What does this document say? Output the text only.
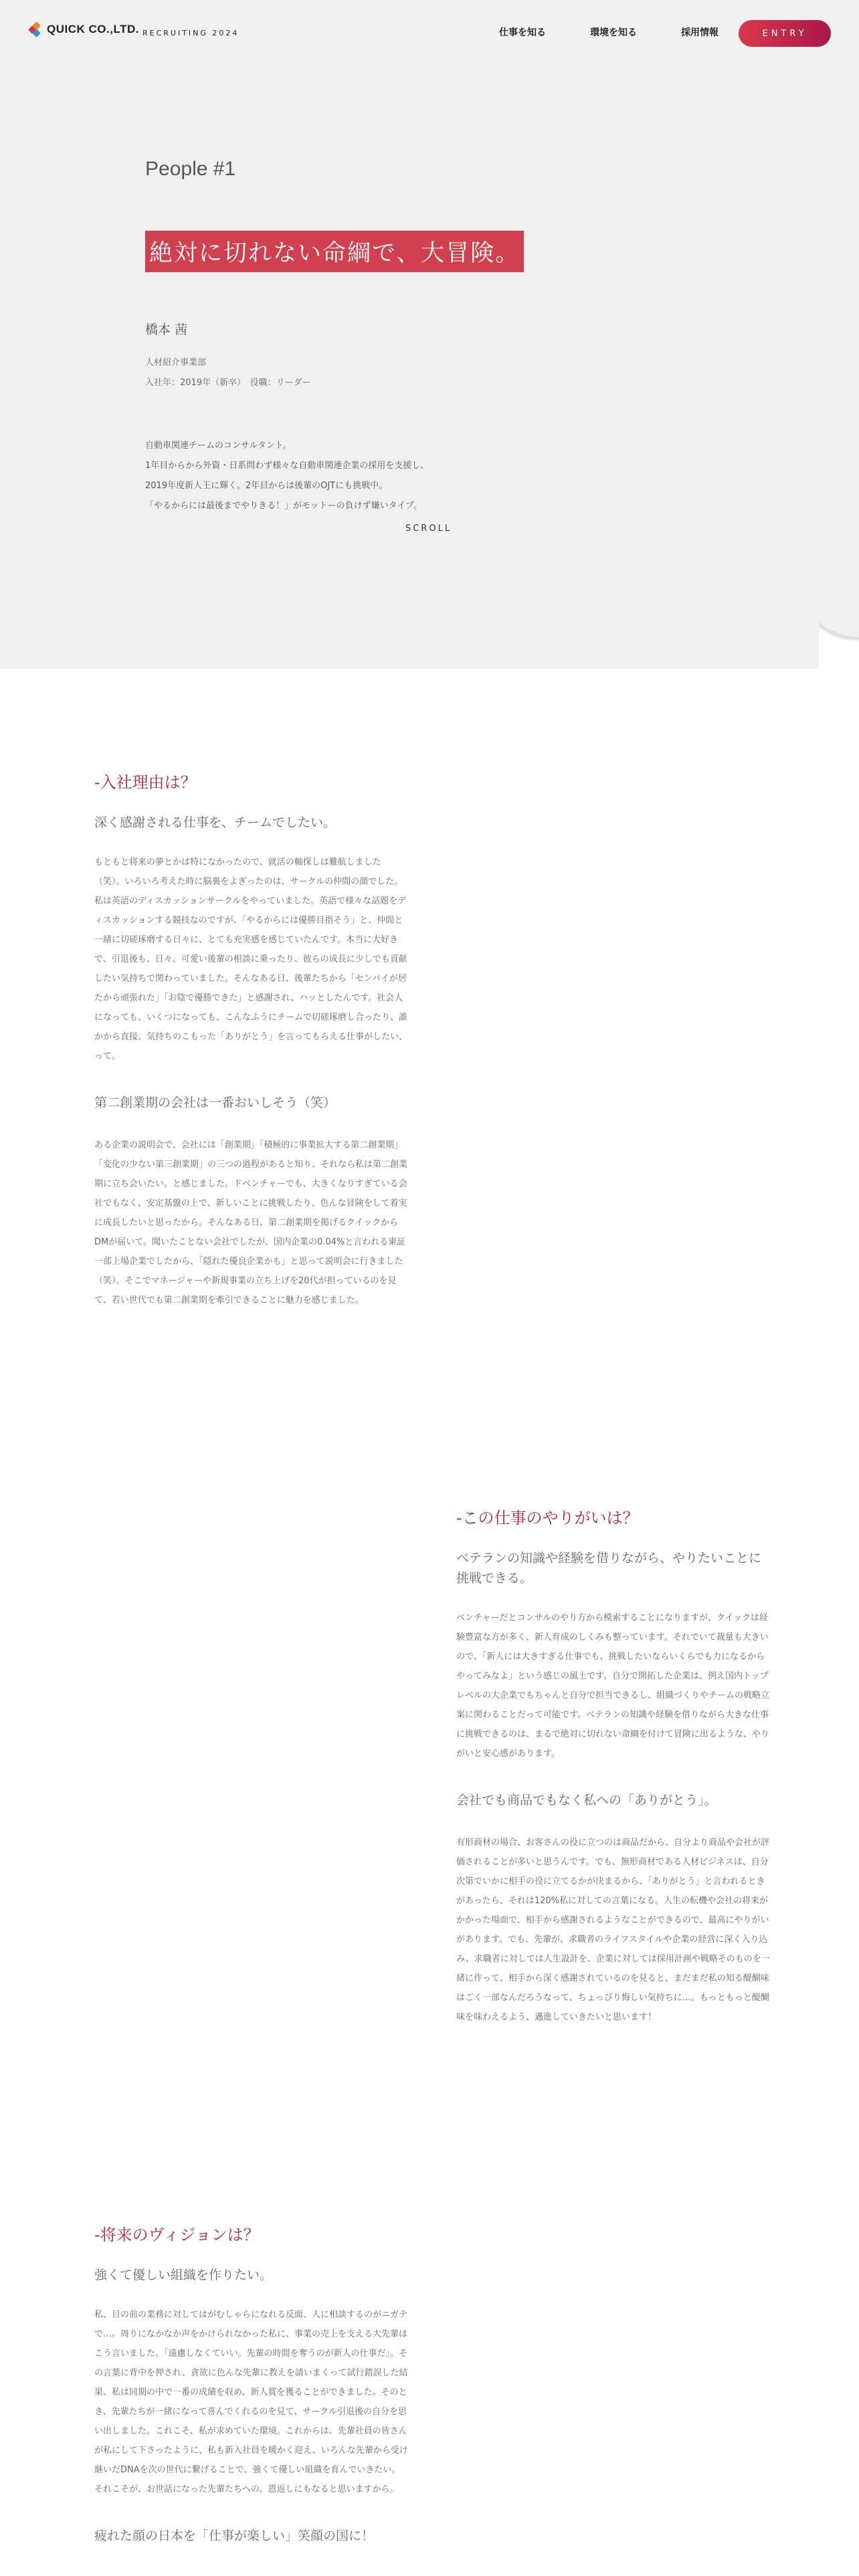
People #1
絶対に切れない命綱で、大冒険。
橋本 茜
人材紹介事業部
入社年：2019年（新卒）　役職：リーダー

自動車関連チームのコンサルタント。

1年目からから外資・日系問わず様々な自動車関連企業の採用を支援し、

2019年度新人王に輝く。2年目からは後輩のOJTにも挑戦中。

「やるからには最後までやりきる！」がモットーの負けず嫌いタイプ。

SCROLL
QUICK CO.,LTD. RECRUITING 2024	仕事を知る	環境を知る	採用情報	ENTRY
-入社理由は？
深く感謝される仕事を、チームでしたい。
もともと将来の夢とかは特になかったので、就活の軸探しは難航しました（笑）。いろいろ考えた時に脳裏をよぎったのは、サークルの仲間の顔でした。私は英語のディスカッションサークルをやっていました。英語で様々な話題をディスカッションする競技なのですが、「やるからには優勝目指そう」と、仲間と一緒に切磋琢磨する日々に、とても充実感を感じていたんです。本当に大好きで、引退後も、日々、可愛い後輩の相談に乗ったり、彼らの成長に少しでも貢献したい気持ちで関わっていました。そんなある日、後輩たちから「センパイが居たから頑張れた」「お陰で優勝できた」と感謝され、ハッとしたんです。社会人になっても、いくつになっても、こんなふうにチームで切磋琢磨し合ったり、誰かから直接、気持ちのこもった「ありがとう」を言ってもらえる仕事がしたい、って。
第二創業期の会社は一番おいしそう（笑）
ある企業の説明会で、会社には「創業期」「積極的に事業拡大する第二創業期」「変化の少ない第三創業期」の三つの過程があると知り、それなら私は第二創業期に立ち会いたい。と感じました。ドベンチャーでも、大きくなりすぎている会社でもなく、安定基盤の上で、新しいことに挑戦したり、色んな冒険をして着実に成長したいと思ったから。そんなある日、第二創業期を掲げるクイックからDMが届いて。聞いたことない会社でしたが、国内企業の0.04%と言われる東証一部上場企業でしたから、「隠れた優良企業かも」と思って説明会に行きました（笑）。そこでマネージャーや新規事業の立ち上げを20代が担っているのを見て、若い世代でも第二創業期を牽引できることに魅力を感じました。
-この仕事のやりがいは？
ベテランの知識や経験を借りながら、やりたいことに挑戦できる。
ベンチャーだとコンサルのやり方から模索することになりますが、クイックは経験豊富な方が多く、新人育成のしくみも整っています。それでいて裁量も大きいので、「新人には大きすぎる仕事でも、挑戦したいならいくらでも力になるからやってみなよ」という感じの風土です。自分で開拓した企業は、例え国内トップレベルの大企業でもちゃんと自分で担当できるし、組織づくりやチームの戦略立案に関わることだって可能です。ベテランの知識や経験を借りながら大きな仕事に挑戦できるのは、まるで絶対に切れない命綱を付けて冒険に出るような、やりがいと安心感があります。
会社でも商品でもなく私への「ありがとう」。
有形商材の場合、お客さんの役に立つのは商品だから、自分より商品や会社が評価されることが多いと思うんです。でも、無形商材である人材ビジネスは、自分次第でいかに相手の役に立てるかが決まるから、「ありがとう」と言われるときがあったら、それは120%私に対しての言葉になる。人生の転機や会社の将来がかかった場面で、相手から感謝されるようなことができるので、最高にやりがいがあります。でも、先輩が、求職者のライフスタイルや企業の経営に深く入り込み、求職者に対しては人生設計を、企業に対しては採用計画や戦略そのものを一緒に作って、相手から深く感謝されているのを見ると、まだまだ私の知る醍醐味はごく一部なんだろうなって、ちょっぴり悔しい気持ちに…。もっともっと醍醐味を味わえるよう、邁進していきたいと思います！
-将来のヴィジョンは？
強くて優しい組織を作りたい。
私、目の前の業務に対してはがむしゃらになれる反面、人に相談するのがニガテで…。周りになかなか声をかけられなかった私に、事業の売上を支える大先輩はこう言いました。「遠慮しなくていい。先輩の時間を奪うのが新人の仕事だ」。その言葉に背中を押され、貪欲に色んな先輩に教えを請いまくって試行錯誤した結果、私は同期の中で一番の成績を収め、新人賞を獲ることができました。そのとき、先輩たちが一緒になって喜んでくれるのを見て、サークル引退後の自分を思い出しました。これこそ、私が求めていた環境。これからは、先輩社員の皆さんが私にして下さったように、私も新入社員を暖かく迎え、いろんな先輩から受け継いだDNAを次の世代に繋げることで、強くて優しい組織を育んでいきたい。それこそが、お世話になった先輩たちへの、恩返しにもなると思いますから。
疲れた顔の日本を「仕事が楽しい」笑顔の国に！
